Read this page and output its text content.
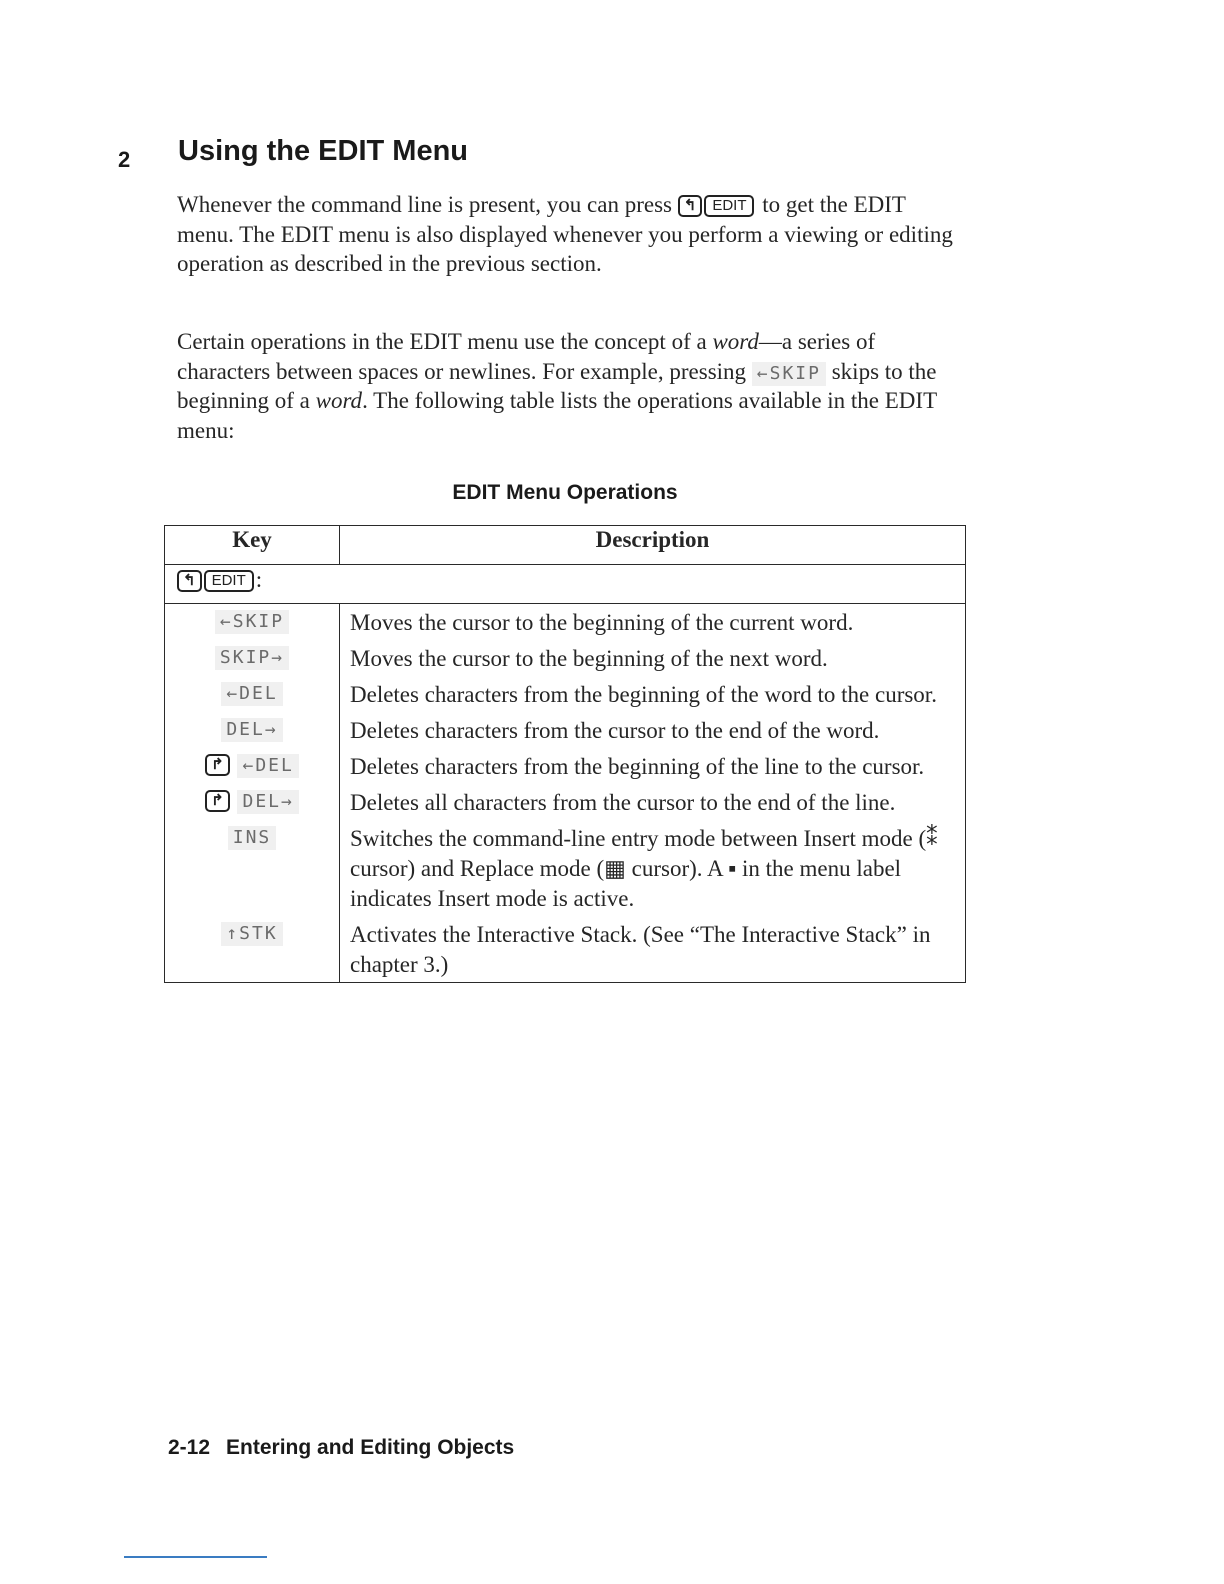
2 Using the EDIT Menu

Whenever the command line is present, you can press ↰ EDIT to get the EDIT menu. The EDIT menu is also displayed whenever you perform a viewing or editing operation as described in the previous section.

Certain operations in the EDIT menu use the concept of a word—a series of characters between spaces or newlines. For example, pressing ←SKIP skips to the beginning of a word. The following table lists the operations available in the EDIT menu:

EDIT Menu Operations
Key	Description
↰ EDIT :	
←SKIP	Moves the cursor to the beginning of the current word.
SKIP→	Moves the cursor to the beginning of the next word.
←DEL	Deletes characters from the beginning of the word to the cursor.
DEL→	Deletes characters from the cursor to the end of the word.
↱ ←DEL	Deletes characters from the beginning of the line to the cursor.
↱ DEL→	Deletes all characters from the cursor to the end of the line.
INS	Switches the command-line entry mode between Insert mode (⁑ cursor) and Replace mode (▦ cursor). A ▪ in the menu label indicates Insert mode is active.
↑STK	Activates the Interactive Stack. (See “The Interactive Stack” in chapter 3.)
2-12 Entering and Editing Objects
